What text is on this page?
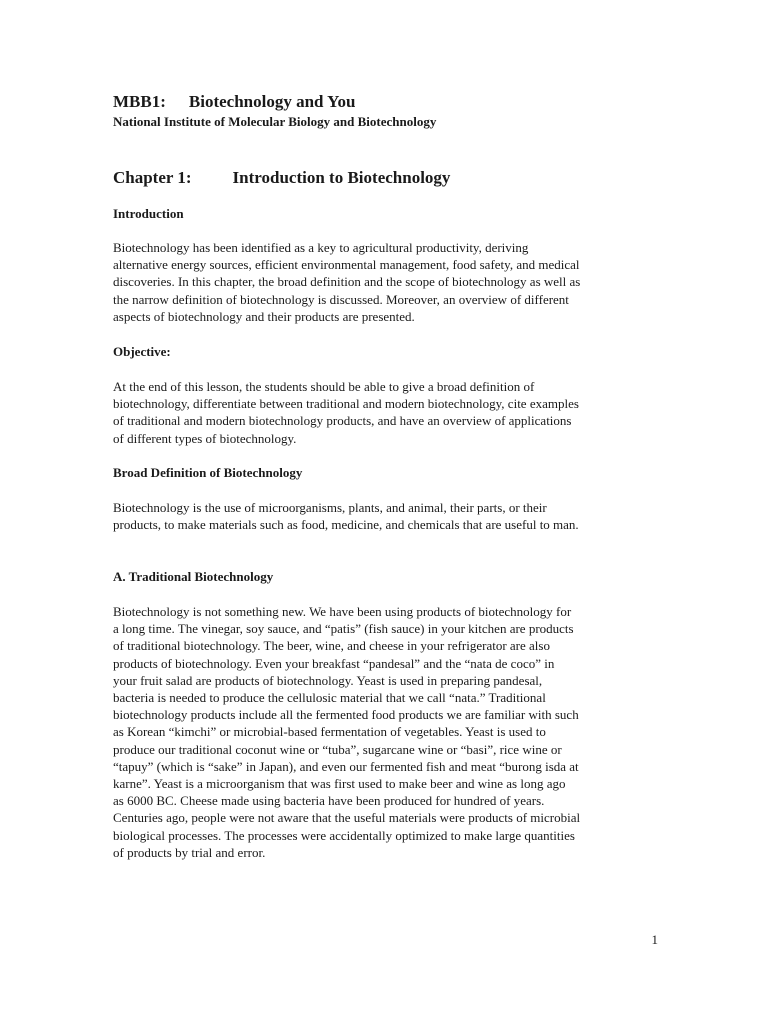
MBB1: Biotechnology and You
National Institute of Molecular Biology and Biotechnology
Chapter 1: Introduction to Biotechnology
Introduction

Biotechnology has been identified as a key to agricultural productivity, deriving
alternative energy sources, efficient environmental management, food safety, and medical
discoveries. In this chapter, the broad definition and the scope of biotechnology as well as
the narrow definition of biotechnology is discussed. Moreover, an overview of different
aspects of biotechnology and their products are presented.

Objective:

At the end of this lesson, the students should be able to give a broad definition of
biotechnology, differentiate between traditional and modern biotechnology, cite examples
of traditional and modern biotechnology products, and have an overview of applications
of different types of biotechnology.

Broad Definition of Biotechnology

Biotechnology is the use of microorganisms, plants, and animal, their parts, or their
products, to make materials such as food, medicine, and chemicals that are useful to man.

A. Traditional Biotechnology

Biotechnology is not something new. We have been using products of biotechnology for
a long time. The vinegar, soy sauce, and “patis” (fish sauce) in your kitchen are products
of traditional biotechnology. The beer, wine, and cheese in your refrigerator are also
products of biotechnology. Even your breakfast “pandesal” and the “nata de coco” in
your fruit salad are products of biotechnology. Yeast is used in preparing pandesal,
bacteria is needed to produce the cellulosic material that we call “nata.” Traditional
biotechnology products include all the fermented food products we are familiar with such
as Korean “kimchi” or microbial-based fermentation of vegetables. Yeast is used to
produce our traditional coconut wine or “tuba”, sugarcane wine or “basi”, rice wine or
“tapuy” (which is “sake” in Japan), and even our fermented fish and meat “burong isda at
karne”. Yeast is a microorganism that was first used to make beer and wine as long ago
as 6000 BC. Cheese made using bacteria have been produced for hundred of years.
Centuries ago, people were not aware that the useful materials were products of microbial
biological processes. The processes were accidentally optimized to make large quantities
of products by trial and error.

1
